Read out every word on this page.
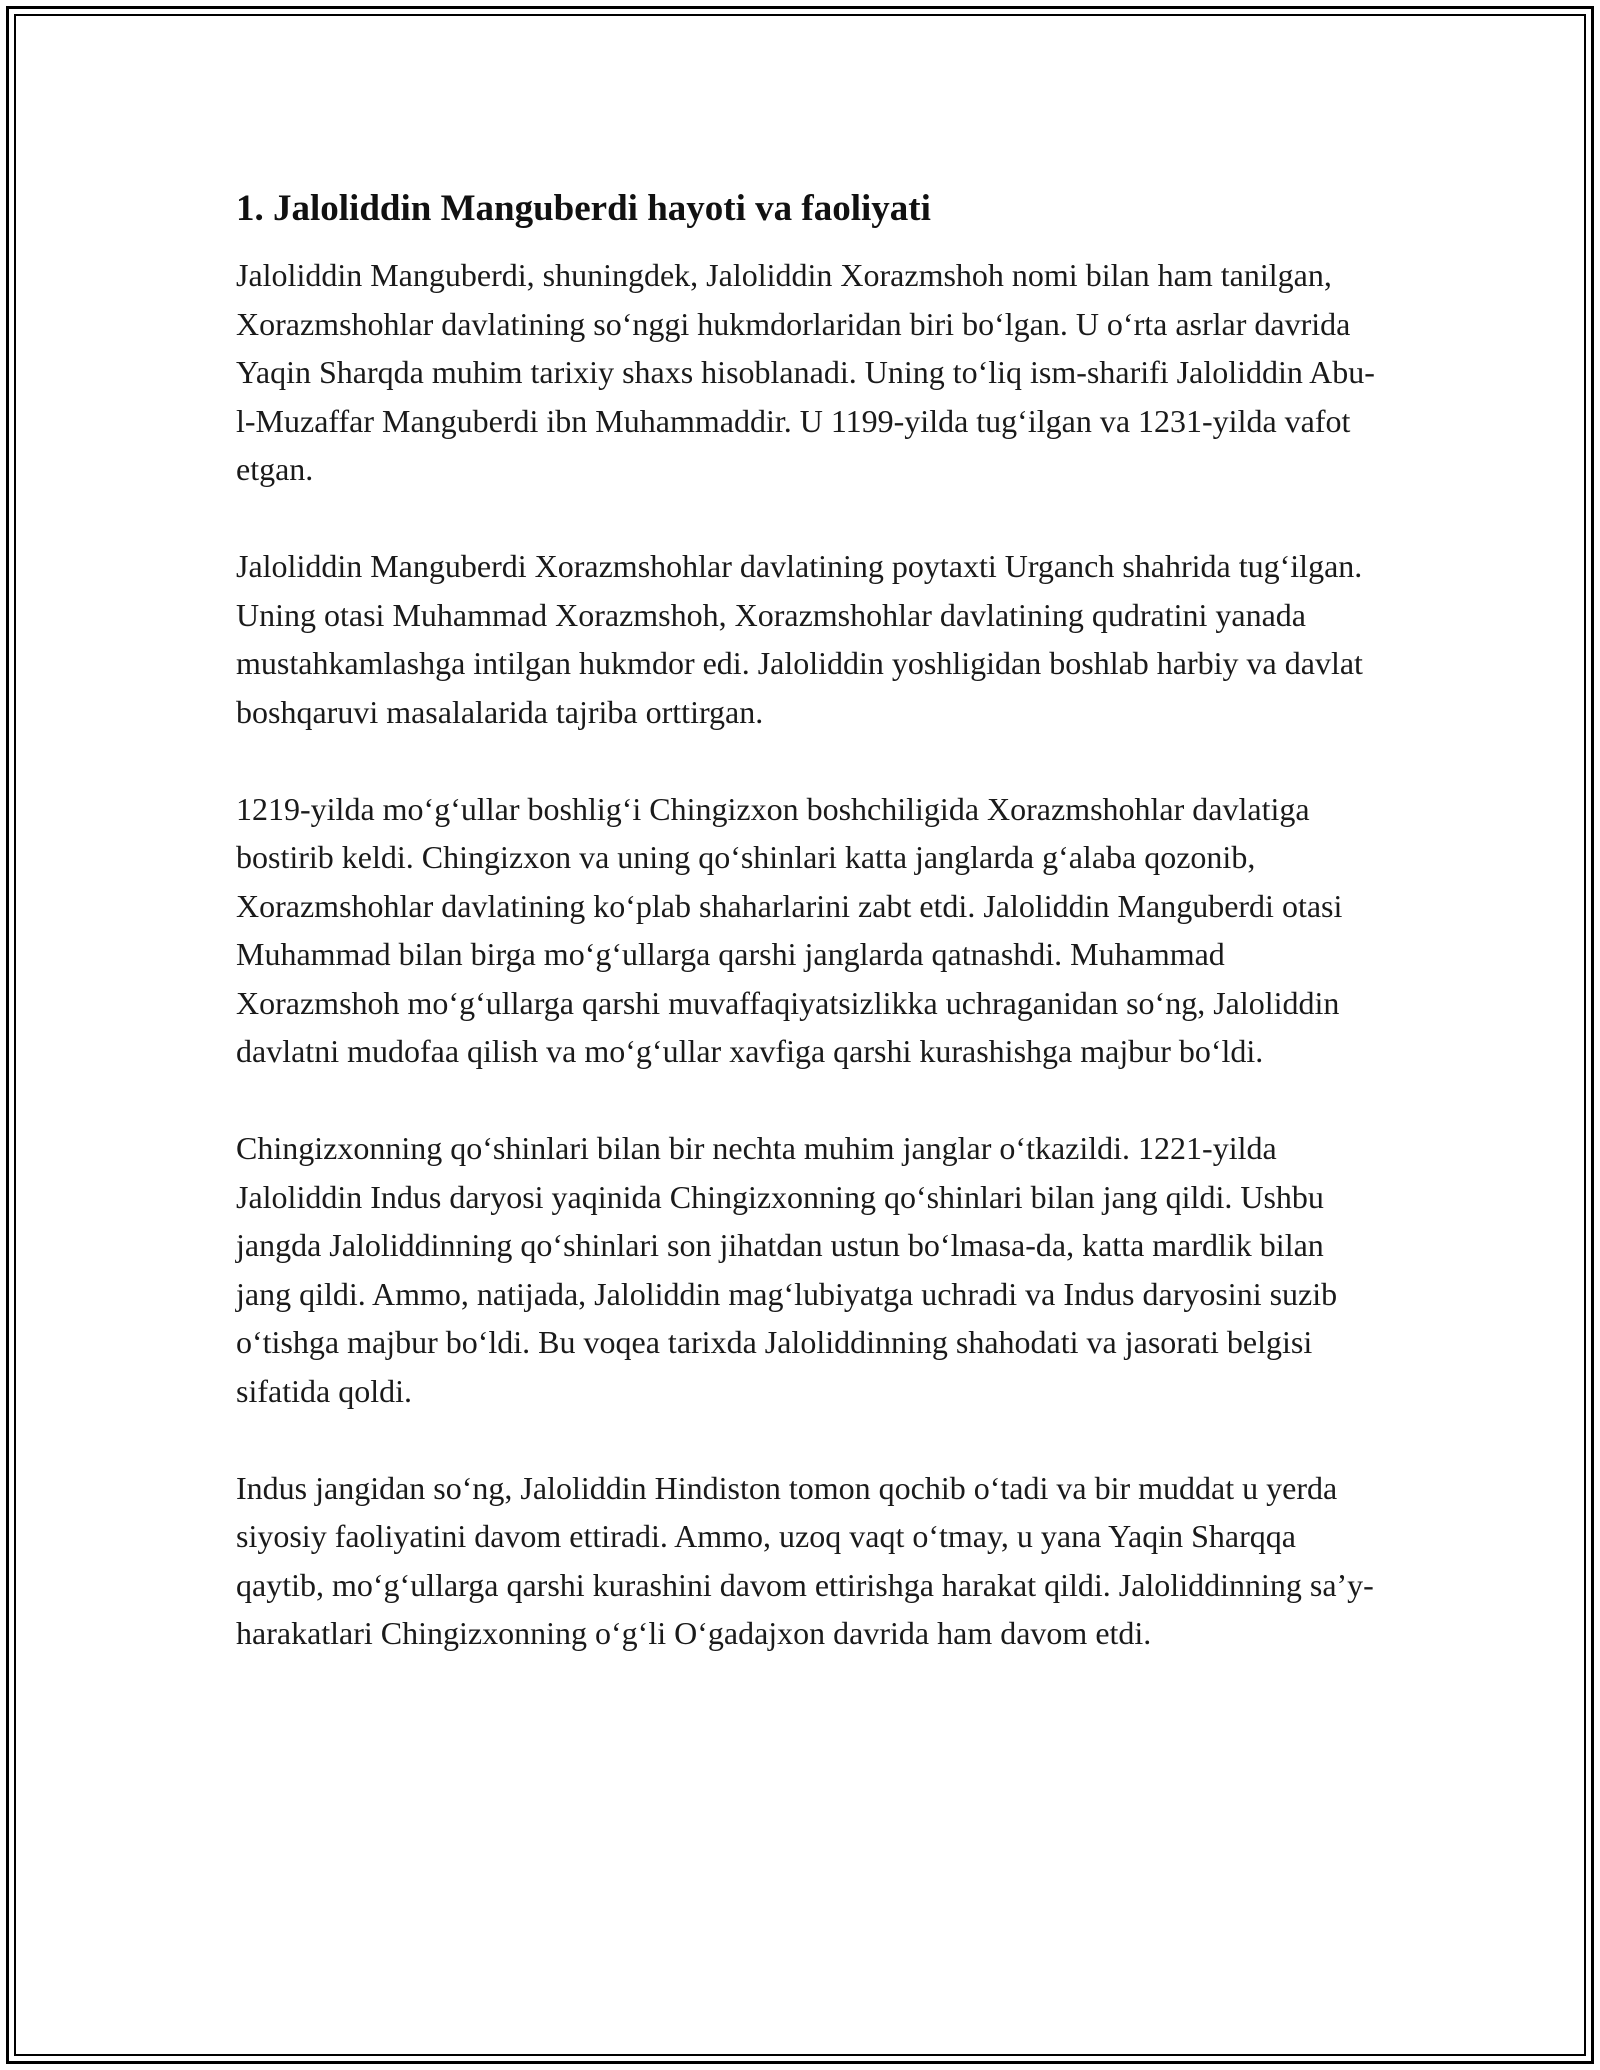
1. Jaloliddin Manguberdi hayoti va faoliyati

Jaloliddin Manguberdi, shuningdek, Jaloliddin Xorazmshoh nomi bilan ham tanilgan, Xorazmshohlar davlatining so‘nggi hukmdorlaridan biri bo‘lgan. U o‘rta asrlar davrida Yaqin Sharqda muhim tarixiy shaxs hisoblanadi. Uning to‘liq ism-sharifi Jaloliddin Abu-l-Muzaffar Manguberdi ibn Muhammaddir. U 1199-yilda tug‘ilgan va 1231-yilda vafot etgan.

Jaloliddin Manguberdi Xorazmshohlar davlatining poytaxti Urganch shahrida tug‘ilgan. Uning otasi Muhammad Xorazmshoh, Xorazmshohlar davlatining qudratini yanada mustahkamlashga intilgan hukmdor edi. Jaloliddin yoshligidan boshlab harbiy va davlat boshqaruvi masalalarida tajriba orttirgan.

1219-yilda mo‘g‘ullar boshlig‘i Chingizxon boshchiligida Xorazmshohlar davlatiga bostirib keldi. Chingizxon va uning qo‘shinlari katta janglarda g‘alaba qozonib, Xorazmshohlar davlatining ko‘plab shaharlarini zabt etdi. Jaloliddin Manguberdi otasi Muhammad bilan birga mo‘g‘ullarga qarshi janglarda qatnashdi. Muhammad Xorazmshoh mo‘g‘ullarga qarshi muvaffaqiyatsizlikka uchraganidan so‘ng, Jaloliddin davlatni mudofaa qilish va mo‘g‘ullar xavfiga qarshi kurashishga majbur bo‘ldi.

Chingizxonning qo‘shinlari bilan bir nechta muhim janglar o‘tkazildi. 1221-yilda Jaloliddin Indus daryosi yaqinida Chingizxonning qo‘shinlari bilan jang qildi. Ushbu jangda Jaloliddinning qo‘shinlari son jihatdan ustun bo‘lmasa-da, katta mardlik bilan jang qildi. Ammo, natijada, Jaloliddin mag‘lubiyatga uchradi va Indus daryosini suzib o‘tishga majbur bo‘ldi. Bu voqea tarixda Jaloliddinning shahodati va jasorati belgisi sifatida qoldi.

Indus jangidan so‘ng, Jaloliddin Hindiston tomon qochib o‘tadi va bir muddat u yerda siyosiy faoliyatini davom ettiradi. Ammo, uzoq vaqt o‘tmay, u yana Yaqin Sharqqa qaytib, mo‘g‘ullarga qarshi kurashini davom ettirishga harakat qildi. Jaloliddinning sa’y-harakatlari Chingizxonning o‘g‘li O‘gadajxon davrida ham davom etdi.
